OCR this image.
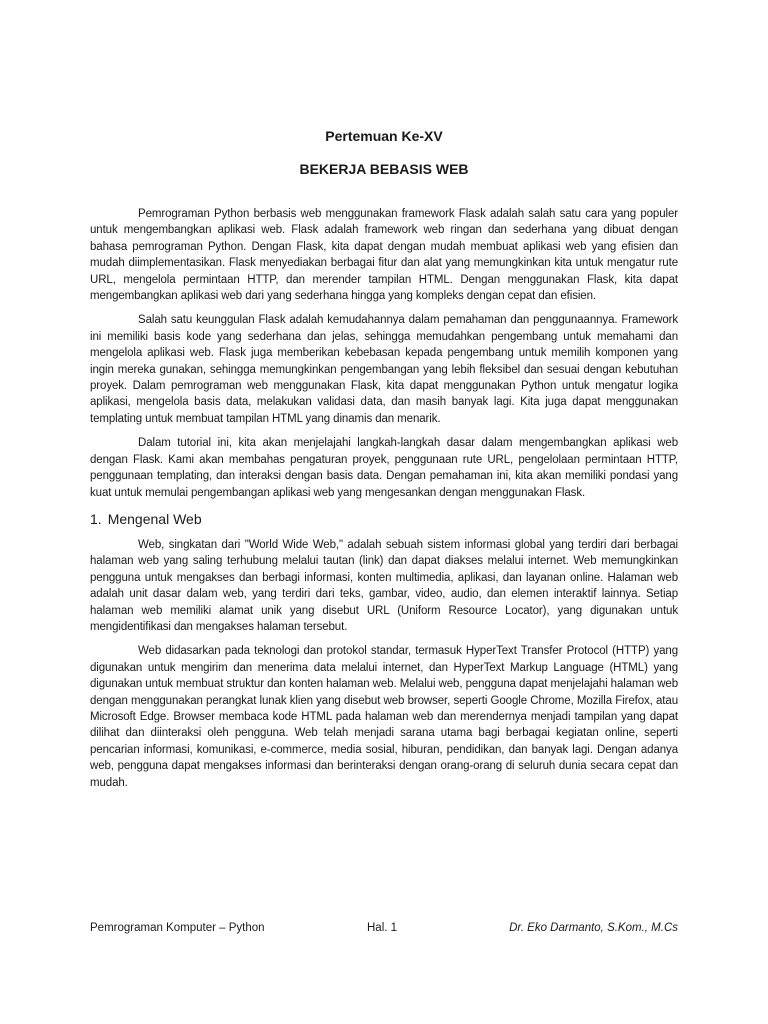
Pertemuan Ke-XV
BEKERJA BEBASIS WEB

Pemrograman Python berbasis web menggunakan framework Flask adalah salah satu cara yang populer untuk mengembangkan aplikasi web. Flask adalah framework web ringan dan sederhana yang dibuat dengan bahasa pemrograman Python. Dengan Flask, kita dapat dengan mudah membuat aplikasi web yang efisien dan mudah diimplementasikan. Flask menyediakan berbagai fitur dan alat yang memungkinkan kita untuk mengatur rute URL, mengelola permintaan HTTP, dan merender tampilan HTML. Dengan menggunakan Flask, kita dapat mengembangkan aplikasi web dari yang sederhana hingga yang kompleks dengan cepat dan efisien.

Salah satu keunggulan Flask adalah kemudahannya dalam pemahaman dan penggunaannya. Framework ini memiliki basis kode yang sederhana dan jelas, sehingga memudahkan pengembang untuk memahami dan mengelola aplikasi web. Flask juga memberikan kebebasan kepada pengembang untuk memilih komponen yang ingin mereka gunakan, sehingga memungkinkan pengembangan yang lebih fleksibel dan sesuai dengan kebutuhan proyek. Dalam pemrograman web menggunakan Flask, kita dapat menggunakan Python untuk mengatur logika aplikasi, mengelola basis data, melakukan validasi data, dan masih banyak lagi. Kita juga dapat menggunakan templating untuk membuat tampilan HTML yang dinamis dan menarik.

Dalam tutorial ini, kita akan menjelajahi langkah-langkah dasar dalam mengembangkan aplikasi web dengan Flask. Kami akan membahas pengaturan proyek, penggunaan rute URL, pengelolaan permintaan HTTP, penggunaan templating, dan interaksi dengan basis data. Dengan pemahaman ini, kita akan memiliki pondasi yang kuat untuk memulai pengembangan aplikasi web yang mengesankan dengan menggunakan Flask.

1. Mengenal Web

Web, singkatan dari "World Wide Web," adalah sebuah sistem informasi global yang terdiri dari berbagai halaman web yang saling terhubung melalui tautan (link) dan dapat diakses melalui internet. Web memungkinkan pengguna untuk mengakses dan berbagi informasi, konten multimedia, aplikasi, dan layanan online. Halaman web adalah unit dasar dalam web, yang terdiri dari teks, gambar, video, audio, dan elemen interaktif lainnya. Setiap halaman web memiliki alamat unik yang disebut URL (Uniform Resource Locator), yang digunakan untuk mengidentifikasi dan mengakses halaman tersebut.

Web didasarkan pada teknologi dan protokol standar, termasuk HyperText Transfer Protocol (HTTP) yang digunakan untuk mengirim dan menerima data melalui internet, dan HyperText Markup Language (HTML) yang digunakan untuk membuat struktur dan konten halaman web. Melalui web, pengguna dapat menjelajahi halaman web dengan menggunakan perangkat lunak klien yang disebut web browser, seperti Google Chrome, Mozilla Firefox, atau Microsoft Edge. Browser membaca kode HTML pada halaman web dan merendernya menjadi tampilan yang dapat dilihat dan diinteraksi oleh pengguna. Web telah menjadi sarana utama bagi berbagai kegiatan online, seperti pencarian informasi, komunikasi, e-commerce, media sosial, hiburan, pendidikan, dan banyak lagi. Dengan adanya web, pengguna dapat mengakses informasi dan berinteraksi dengan orang-orang di seluruh dunia secara cepat dan mudah.

Pemrograman Komputer – Python	Hal. 1	Dr. Eko Darmanto, S.Kom., M.Cs
